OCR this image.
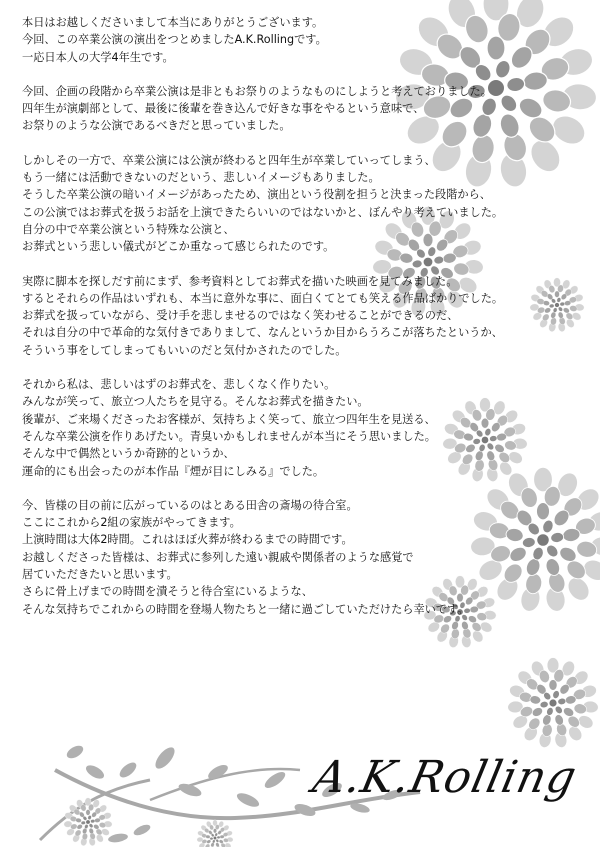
本日はお越しくださいまして本当にありがとうございます。
今回、この卒業公演の演出をつとめましたA.K.Rollingです。
一応日本人の大学4年生です。
今回、企画の段階から卒業公演は是非ともお祭りのようなものにしようと考えておりました。
四年生が演劇部として、最後に後輩を巻き込んで好きな事をやるという意味で、
お祭りのような公演であるべきだと思っていました。
しかしその一方で、卒業公演には公演が終わると四年生が卒業していってしまう、
もう一緒には活動できないのだという、悲しいイメージもありました。
そうした卒業公演の暗いイメージがあったため、演出という役割を担うと決まった段階から、
この公演ではお葬式を扱うお話を上演できたらいいのではないかと、ぼんやり考えていました。
自分の中で卒業公演という特殊な公演と、
お葬式という悲しい儀式がどこか重なって感じられたのです。
実際に脚本を探しだす前にまず、参考資料としてお葬式を描いた映画を見てみました。
するとそれらの作品はいずれも、本当に意外な事に、面白くてとても笑える作品ばかりでした。
お葬式を扱っていながら、受け手を悲しませるのではなく笑わせることができるのだ、
それは自分の中で革命的な気付きでありまして、なんというか目からうろこが落ちたというか、
そういう事をしてしまってもいいのだと気付かされたのでした。
それから私は、悲しいはずのお葬式を、悲しくなく作りたい。
みんなが笑って、旅立つ人たちを見守る。そんなお葬式を描きたい。
後輩が、ご来場くださったお客様が、気持ちよく笑って、旅立つ四年生を見送る、
そんな卒業公演を作りあげたい。青臭いかもしれませんが本当にそう思いました。
そんな中で偶然というか奇跡的というか、
運命的にも出会ったのが本作品『煙が目にしみる』でした。
今、皆様の目の前に広がっているのはとある田舎の斎場の待合室。
ここにこれから2組の家族がやってきます。
上演時間は大体2時間。これはほぼ火葬が終わるまでの時間です。
お越しくださった皆様は、お葬式に参列した遠い親戚や関係者のような感覚で
居ていただきたいと思います。
さらに骨上げまでの時間を潰そうと待合室にいるような、
そんな気持ちでこれからの時間を登場人物たちと一緒に過ごしていただけたら幸いです。
A.K.Rolling
